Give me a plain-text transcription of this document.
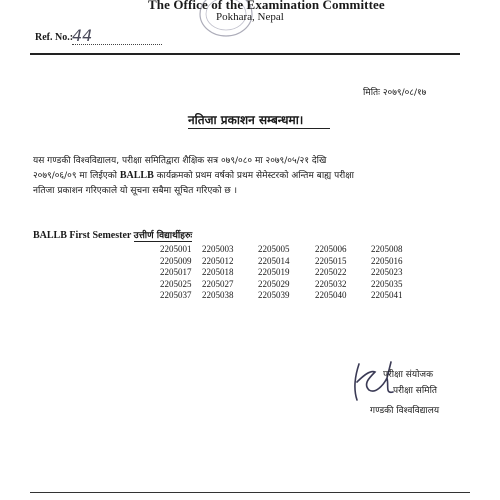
The Office of the Examination Committee
Pokhara, Nepal
Ref. No.:
44
मितिः २०७९/०८/१७
नतिजा प्रकाशन सम्बन्धमा।
यस गण्डकी विश्वविद्यालय, परीक्षा समितिद्वारा शैक्षिक सत्र ०७९/०८० मा २०७९/०५/२१ देखि
२०७९/०६/०९ मा लिईएको BALLB कार्यक्रमको प्रथम वर्षको प्रथम सेमेस्टरको अन्तिम बाह्य परीक्षा
नतिजा प्रकाशन गरिएकाले यो सूचना सबैमा सूचित गरिएको छ ।
BALLB First Semester उत्तीर्ण विद्यार्थीहरुः
2205001 2205003	2205005	2205006	2205008
2205009 2205012	2205014	2205015	2205016
2205017 2205018	2205019	2205022	2205023
2205025 2205027	2205029	2205032	2205035
2205037 2205038	2205039	2205040	2205041
परीक्षा संयोजक
परीक्षा समिति
गण्डकी विश्वविद्यालय
